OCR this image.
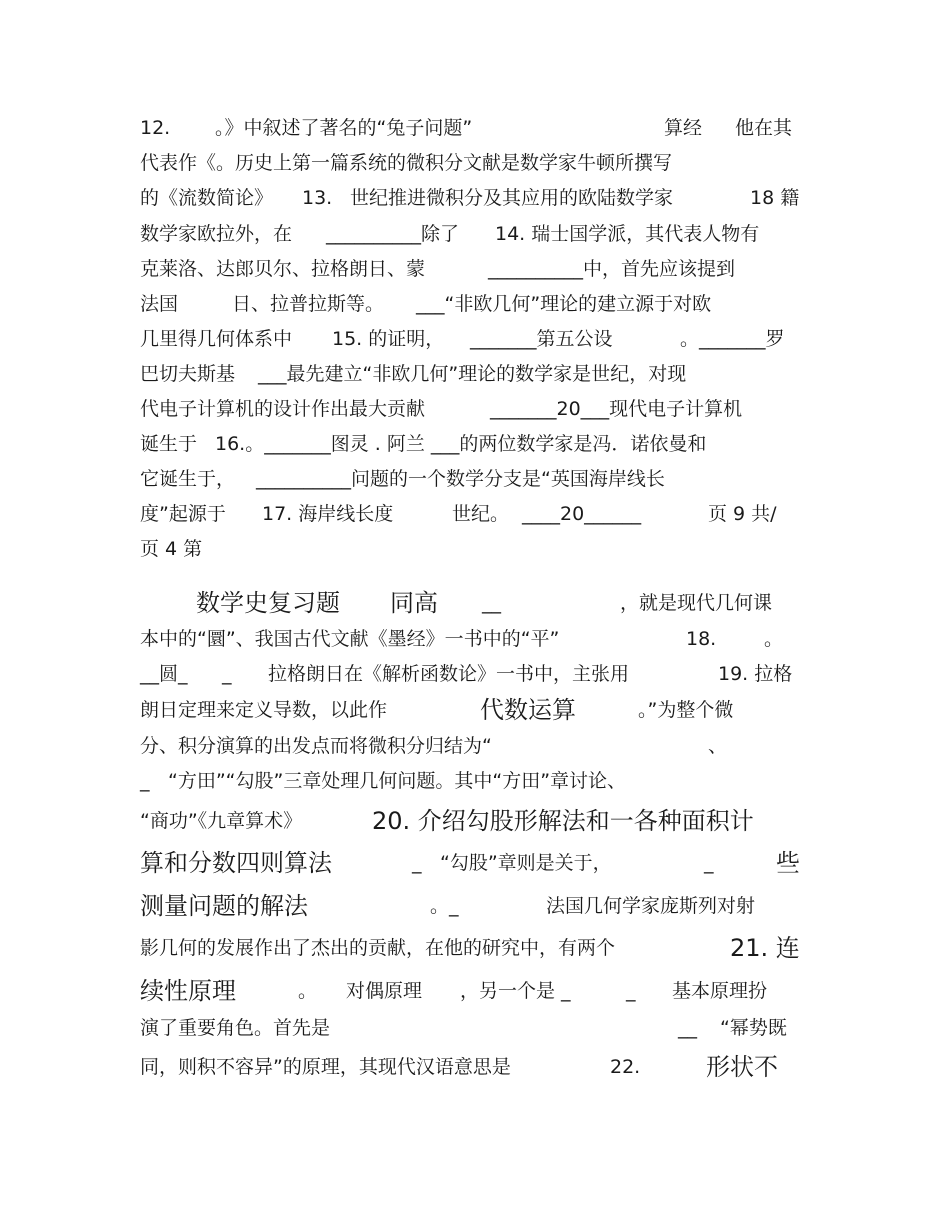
12. 。》中叙述了著名的“兔子问题”	算经 他在其
代表作《。历史上第一篇系统的微积分文献是数学家牛顿所撰写
的《流数简论》 13. 世纪推进微积分及其应用的欧陆数学家	18 籍
数学家欧拉外，在 __________除了 14. 瑞士国学派，其代表人物有
克莱洛、达郎贝尔、拉格朗日、蒙	__________中，首先应该提到
法国	日、拉普拉斯等。 ___“非欧几何”理论的建立源于对欧
几里得几何体系中 15. 的证明， _______第五公设	。_______罗
巴切夫斯基 ___最先建立“非欧几何”理论的数学家是世纪，对现
代电子计算机的设计作出最大贡献	_______20___现代电子计算机
诞生于 16.。_______图灵 . 阿兰 ___的两位数学家是冯．诺依曼和
它诞生于， __________问题的一个数学分支是“英国海岸线长
度”起源于 17. 海岸线长度	世纪。 ____20______	页 9 共/
页 4 第
数学史复习题 同高 __	，就是现代几何课
本中的“圜”、我国古代文献《墨经》一书中的“平”	18.	。
__圆_ _ 拉格朗日在《解析函数论》一书中，主张用	19. 拉格
朗日定理来定义导数，以此作	代数运算	。”为整个微
分、积分演算的出发点而将微积分归结为“	、
_ “方田”“勾股”三章处理几何问题。其中“方田”章讨论、
“商功”《九章算术》	20. 介绍勾股形解法和一各种面积计
算和分数四则算法	_ “勾股”章则是关于，	_	些
测量问题的解法	。_	法国几何学家庞斯列对射
影几何的发展作出了杰出的贡献，在他的研究中，有两个	21. 连
续性原理	。 对偶原理 ，另一个是 _	_ 基本原理扮
演了重要角色。首先是	__ “幂势既
同，则积不容异”的原理，其现代汉语意思是	22.	形状不
